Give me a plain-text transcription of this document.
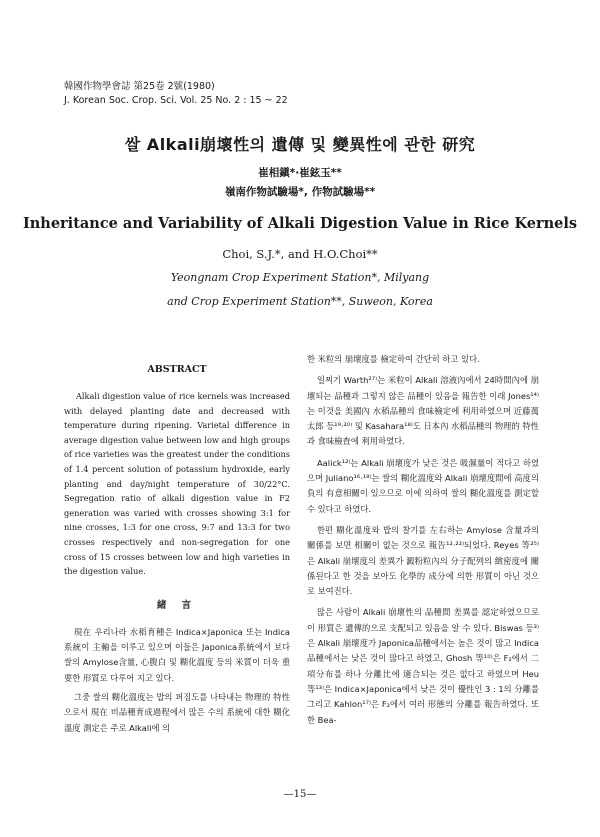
韓國作物學會誌 第25卷 2號(1980)
J. Korean Soc. Crop. Sci. Vol. 25 No. 2 : 15 ~ 22
쌀 Alkali崩壞性의 遺傳 및 變異性에 관한 研究
崔相鎭*·崔鉉玉**
嶺南作物試驗場*, 作物試驗場**
Inheritance and Variability of Alkali Digestion Value in Rice Kernels
Choi, S.J.*, and H.O.Choi**
Yeongnam Crop Experiment Station*, Milyang
and Crop Experiment Station**, Suweon, Korea
ABSTRACT

Alkali digestion value of rice kernels was increased with delayed planting date and decreased with temperature during ripening. Varietal difference in average digestion value between low and high groups of rice varieties was the greatest under the conditions of 1.4 percent solution of potassium hydroxide, early planting and day/night temperature of 30/22°C. Segregation ratio of alkali digestion value in F2 generation was varied with crosses showing 3:1 for nine crosses, 1:3 for one cross, 9:7 and 13:3 for two crosses respectively and non-segregation for one cross of 15 crosses between low and high varieties in the digestion value.

緒 言

現在 우리나라 水稻育種은 Indica×Japonica 또는 Indica系統이 主軸을 이루고 있으며 이들은 Japonica系統에서 보다 쌀의 Amylose含量, 心腹白 및 糊化溫度 등의 米質이 더욱 重要한 形質로 다루어 지고 있다.

그중 쌀의 糊化溫度는 밥의 퍼짐도를 나타내는 物理的 特性으로서 現在 비品種育成過程에서 많은 수의 系統에 대한 糊化溫度 測定은 주로 Alkali에 의

한 米粒의 崩壞度를 檢定하여 간단히 하고 있다.

일찌기 Warth²⁷⁾는 米粒이 Alkali 溶液內에서 24時間內에 崩壞되는 品種과 그렇지 않은 品種이 있음을 報告한 이래 Jones¹⁴⁾는 이것을 美國內 水稻品種의 食味檢定에 利用하였으며 近藤萬太郎 등¹⁹·²⁰⁾ 및 Kasahara¹⁸⁾도 日本內 水稻品種의 物理的 特性과 食味檢査에 利用하였다.

Aalick¹²⁾는 Alkali 崩壞度가 낮은 것은 吸濕量이 적다고 하였으며 Juliano¹⁶·¹⁸⁾는 쌀의 糊化溫度와 Alkali 崩壞度間에 高度의 負의 有意相關이 있으므로 이에 의하여 쌀의 糊化溫度를 測定할 수 있다고 하였다.

한편 糊化溫度와 밥의 찰기를 左右하는 Amylose 含量과의 關係를 보면 相關이 없는 것으로 報告¹²·²²⁾되었다. Reyes 等²⁵⁾은 Alkali 崩壞度의 差異가 澱粉粒內의 分子配列의 緻密度에 關係된다고 한 것을 보아도 化學的 成分에 의한 形質이 아닌 것으로 보여진다.

많은 사람이 Alkali 崩壞性의 品種間 差異를 認定하였으므로 이 形質은 遺傳的으로 支配되고 있음을 알 수 있다. Biswas 등³⁾은 Alkali 崩壞度가 Japonica品種에서는 높은 것이 많고 Indica 品種에서는 낮은 것이 많다고 하였고, Ghosh 等¹⁰⁾은 F₂에서 二項分布를 하나 分離比에 適合되는 것은 없다고 하였으며 Heu 等¹³⁾은 Indica×Japonica에서 낮은 것이 優性인 3 : 1의 分離를 그리고 Kahlon¹⁷⁾은 F₂에서 여러 形態의 分離를 報告하였다. 또한 Bea-

—15—
